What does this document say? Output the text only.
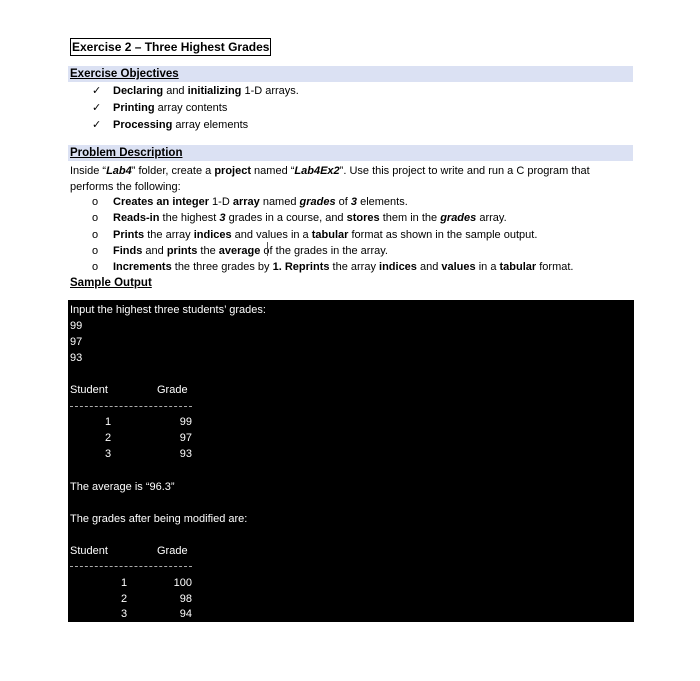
Exercise 2 – Three Highest Grades
Exercise Objectives
✓ Declaring and initializing 1-D arrays.
✓ Printing array contents
✓ Processing array elements
Problem Description
Inside “Lab4” folder, create a project named “Lab4Ex2”. Use this project to write and run a C program that performs the following:
o Creates an integer 1-D array named grades of 3 elements.
o Reads-in the highest 3 grades in a course, and stores them in the grades array.
o Prints the array indices and values in a tabular format as shown in the sample output.
o Finds and prints the average of the grades in the array.
o Increments the three grades by 1. Reprints the array indices and values in a tabular format.
Sample Output
Input the highest three students’ grades:
99
97
93
Student	Grade
1	99
2	97
3	93
The average is “96.3”
The grades after being modified are:
Student	Grade
1	100
2	98
3	94
